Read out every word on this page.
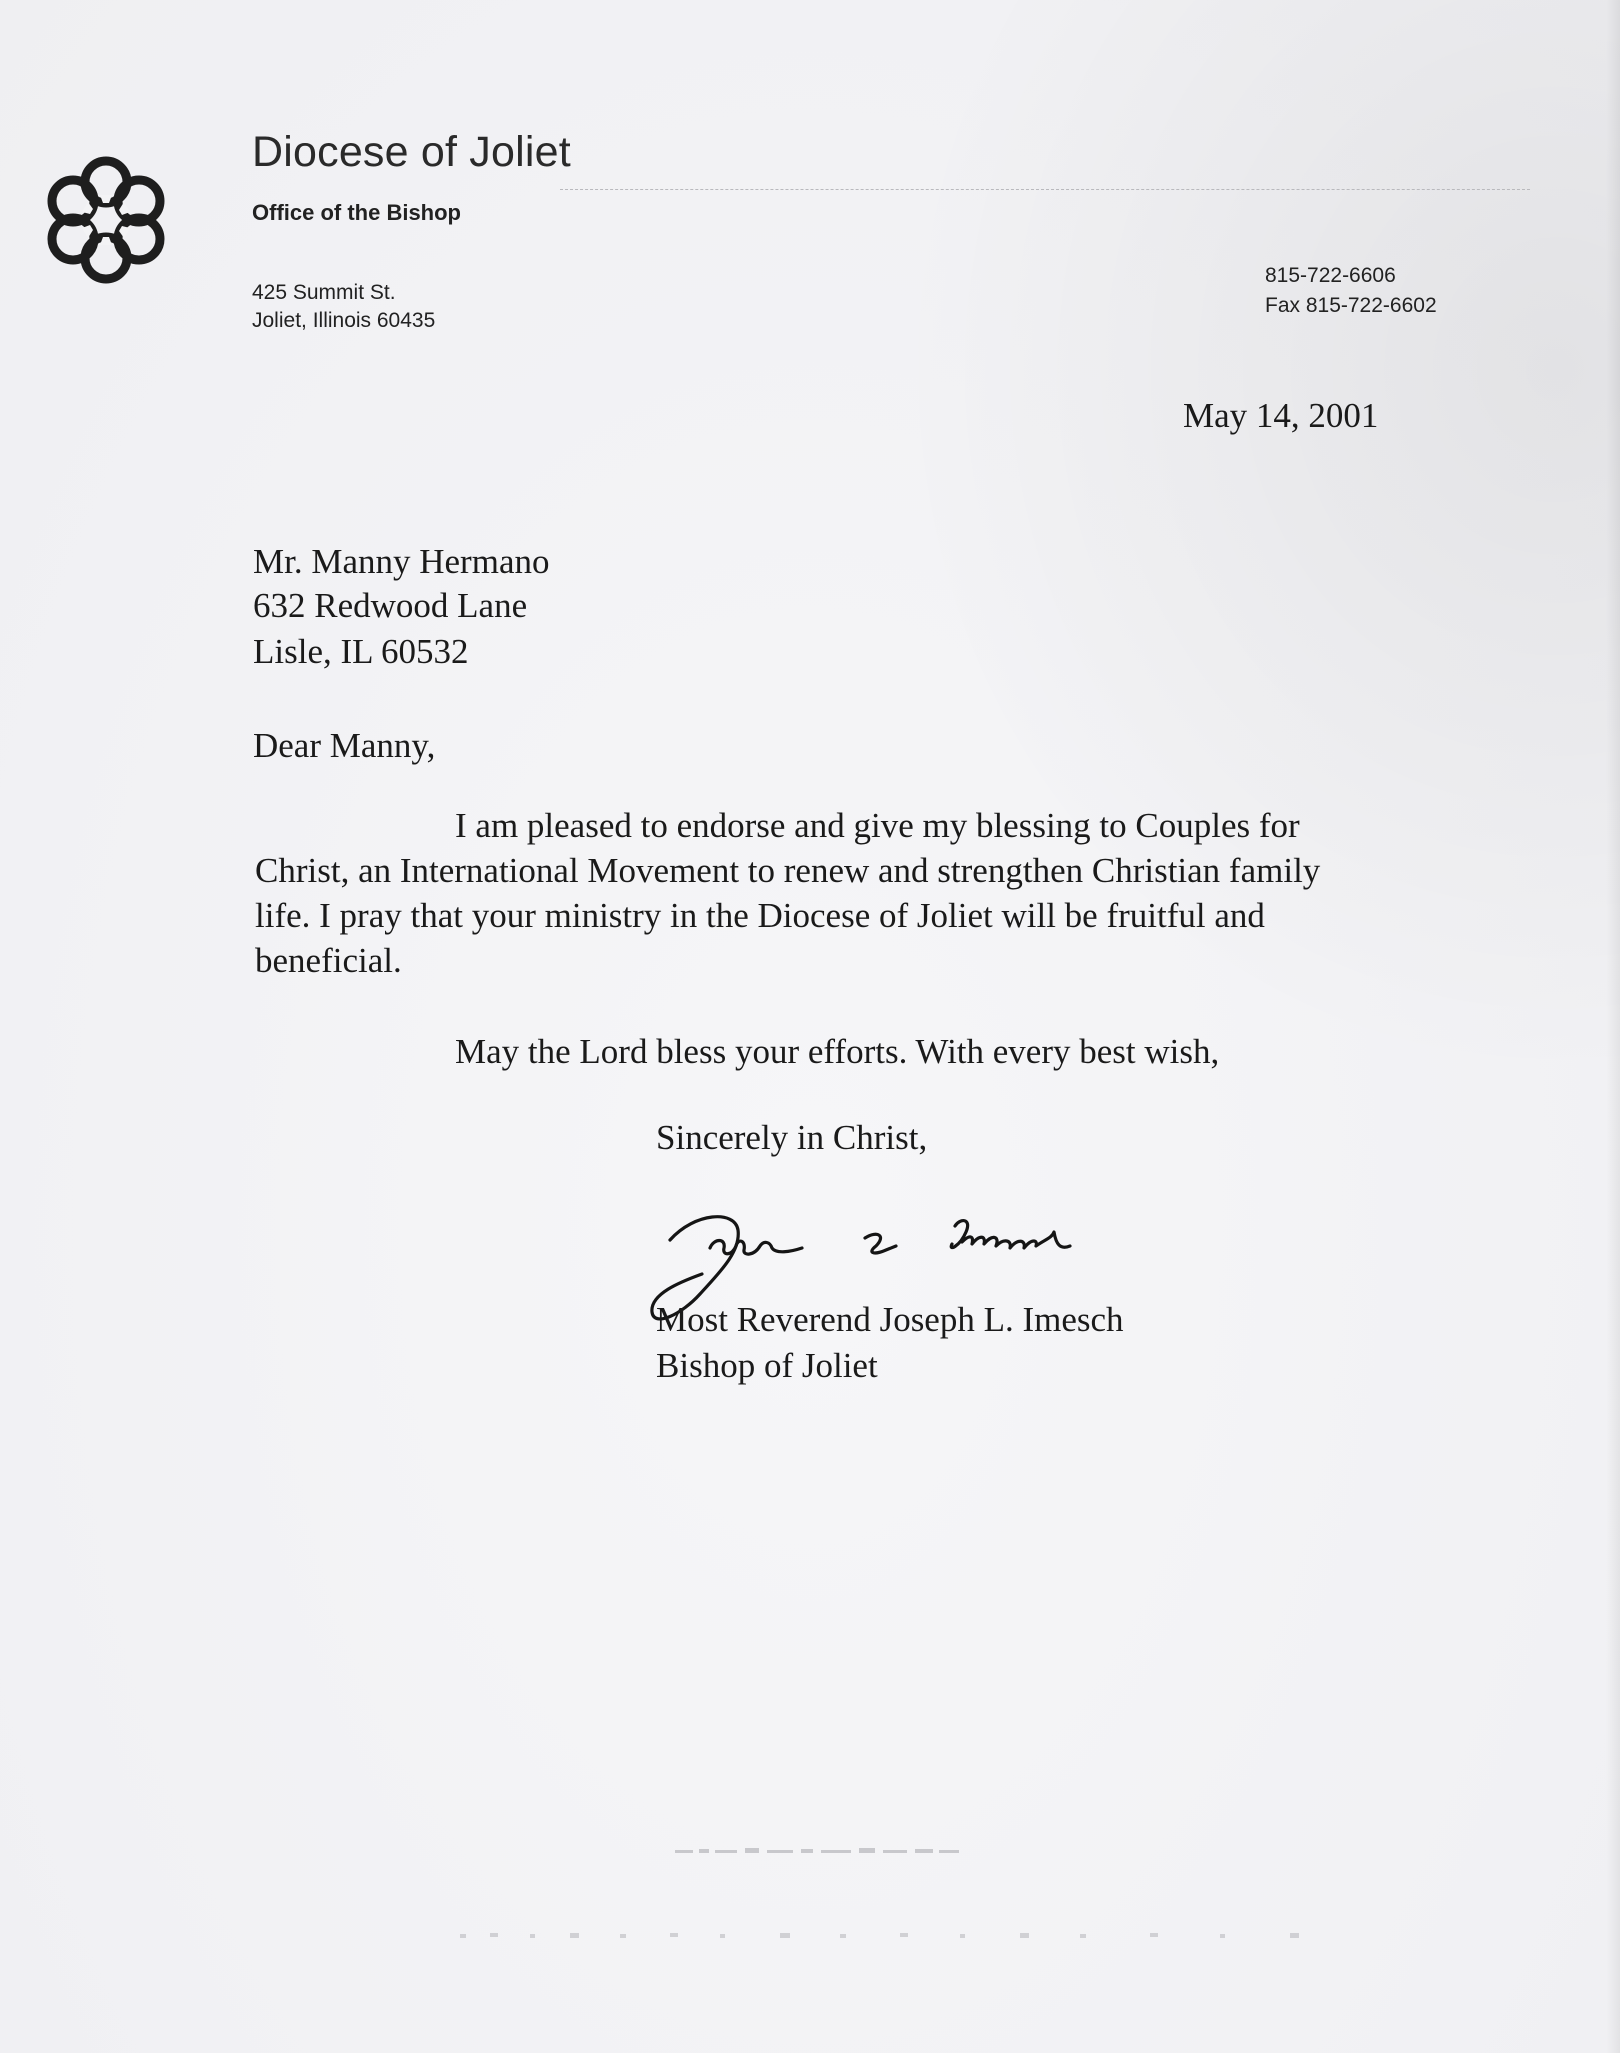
Diocese of Joliet
Office of the Bishop
425 Summit St.
Joliet, Illinois 60435
815-722-6606
Fax 815-722-6602
May 14, 2001
Mr. Manny Hermano
632 Redwood Lane
Lisle, IL 60532
Dear Manny,
I am pleased to endorse and give my blessing to Couples for
Christ, an International Movement to renew and strengthen Christian family
life. I pray that your ministry in the Diocese of Joliet will be fruitful and
beneficial.
May the Lord bless your efforts. With every best wish,
Sincerely in Christ,
Most Reverend Joseph L. Imesch
Bishop of Joliet
